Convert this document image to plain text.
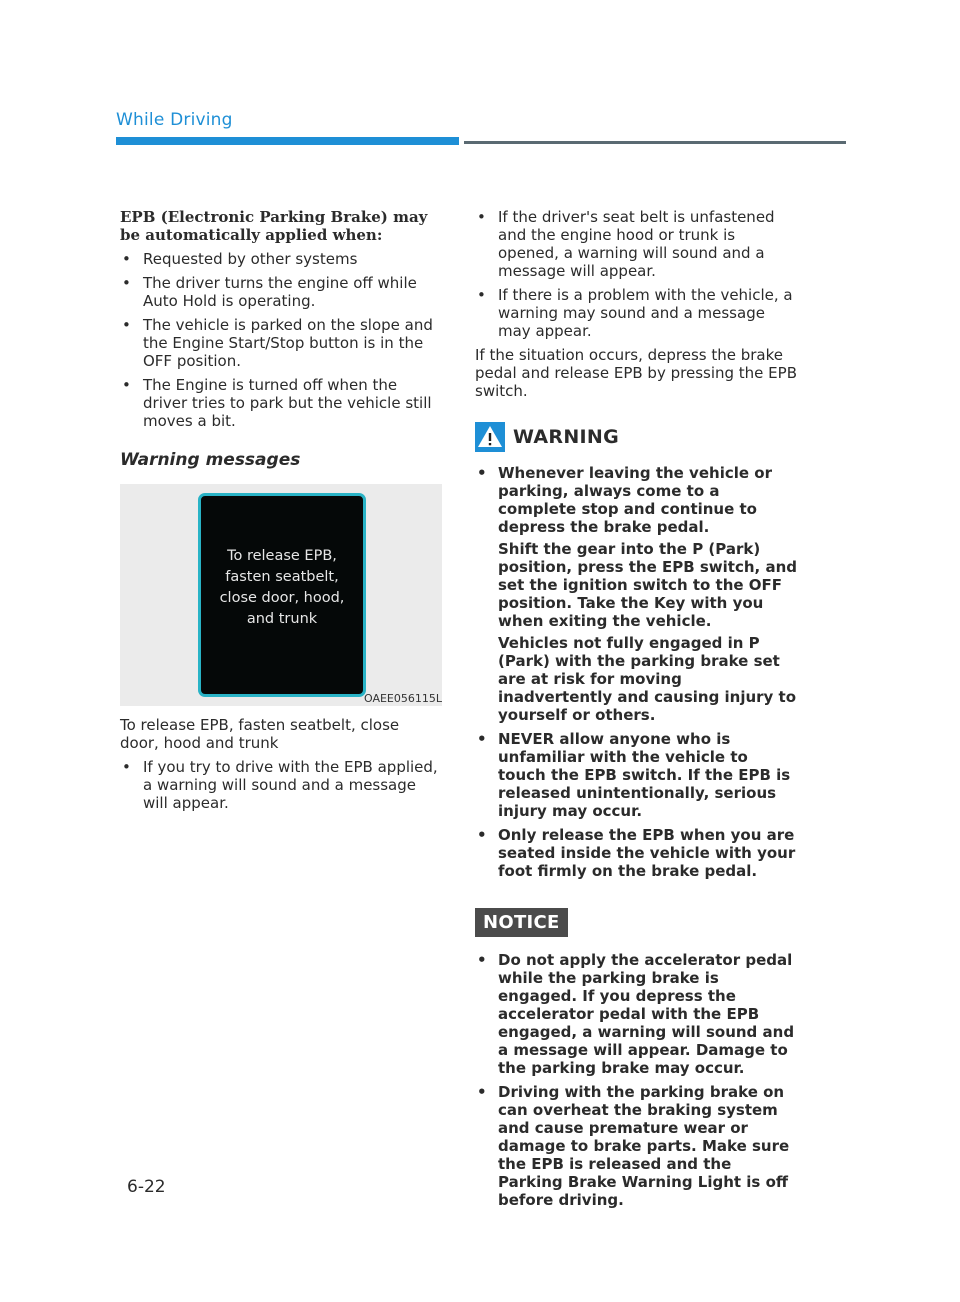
While Driving
EPB (Electronic Parking Brake) may be automatically applied when:
• Requested by other systems
• The driver turns the engine off while Auto Hold is operating.
• The vehicle is parked on the slope and the Engine Start/Stop button is in the OFF position.
• The Engine is turned off when the driver tries to park but the vehicle still moves a bit.
Warning messages
To release EPB,
fasten seatbelt,
close door, hood,
and trunk
OAEE056115L

To release EPB, fasten seatbelt, close door, hood and trunk

• If you try to drive with the EPB applied, a warning will sound and a message will appear.
• If the driver's seat belt is unfastened and the engine hood or trunk is opened, a warning will sound and a message will appear.
• If there is a problem with the vehicle, a warning may sound and a message may appear.

If the situation occurs, depress the brake pedal and release EPB by pressing the EPB switch.

WARNING
• Whenever leaving the vehicle or parking, always come to a complete stop and continue to depress the brake pedal.

Shift the gear into the P (Park) position, press the EPB switch, and set the ignition switch to the OFF position. Take the Key with you when exiting the vehicle.

Vehicles not fully engaged in P (Park) with the parking brake set are at risk for moving inadvertently and causing injury to yourself or others.

• NEVER allow anyone who is unfamiliar with the vehicle to touch the EPB switch. If the EPB is released unintentionally, serious injury may occur.
• Only release the EPB when you are seated inside the vehicle with your foot firmly on the brake pedal.
NOTICE
• Do not apply the accelerator pedal while the parking brake is engaged. If you depress the accelerator pedal with the EPB engaged, a warning will sound and a message will appear. Damage to the parking brake may occur.
• Driving with the parking brake on can overheat the braking system and cause premature wear or damage to brake parts. Make sure the EPB is released and the Parking Brake Warning Light is off before driving.
6-22
